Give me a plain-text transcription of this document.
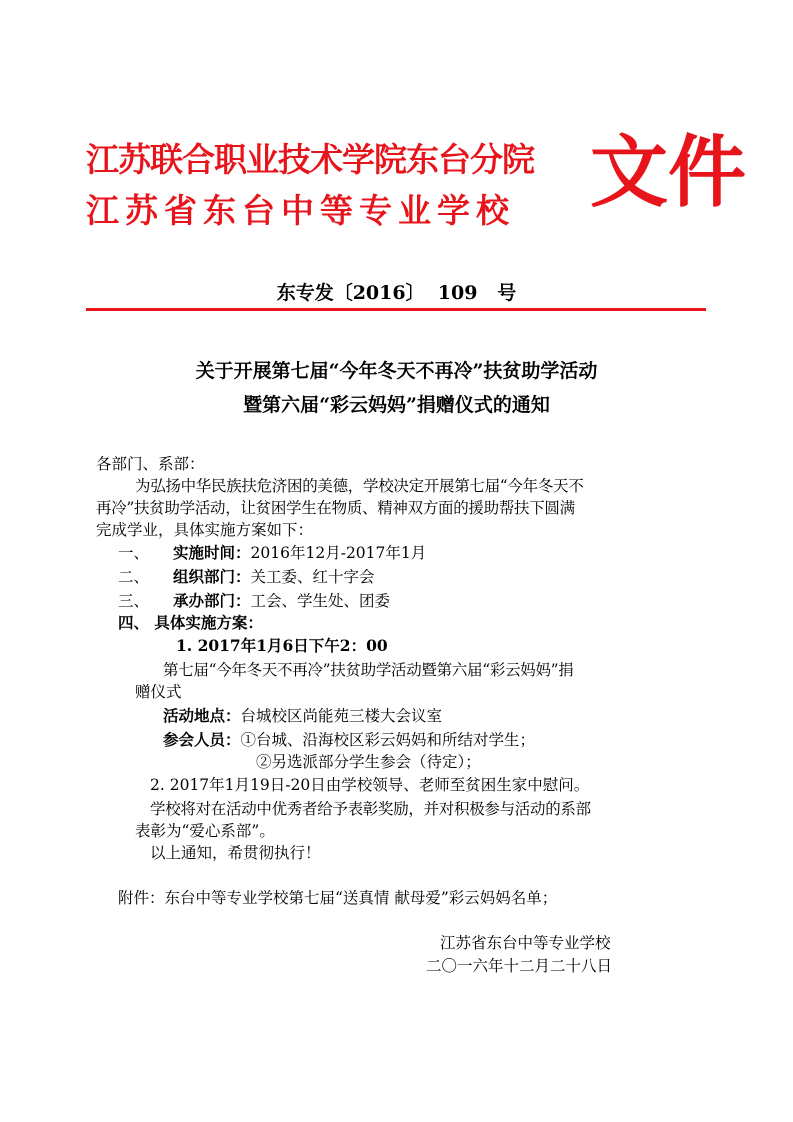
江苏联合职业技术学院东台分院
江苏省东台中等专业学校 文件
东专发〔2016〕  109   号
关于开展第七届“今年冬天不再冷”扶贫助学活动
暨第六届“彩云妈妈”捐赠仪式的通知
各部门、系部：
为弘扬中华民族扶危济困的美德，学校决定开展第七届“今年冬天不
再冷”扶贫助学活动，让贫困学生在物质、精神双方面的援助帮扶下圆满
完成学业，具体实施方案如下：
一、 实施时间：2016年12月-2017年1月
二、 组织部门：关工委、红十字会
三、 承办部门：工会、学生处、团委
四、 具体实施方案：
1. 2017年1月6日下午2：00
第七届“今年冬天不再冷”扶贫助学活动暨第六届“彩云妈妈”捐
赠仪式
活动地点：台城校区尚能苑三楼大会议室
参会人员：①台城、沿海校区彩云妈妈和所结对学生；
②另选派部分学生参会（待定）；
2. 2017年1月19日-20日由学校领导、老师至贫困生家中慰问。
学校将对在活动中优秀者给予表彰奖励，并对积极参与活动的系部
表彰为“爱心系部”。
以上通知，希贯彻执行！
附件：东台中等专业学校第七届“送真情 献母爱”彩云妈妈名单；
江苏省东台中等专业学校
二〇一六年十二月二十八日
